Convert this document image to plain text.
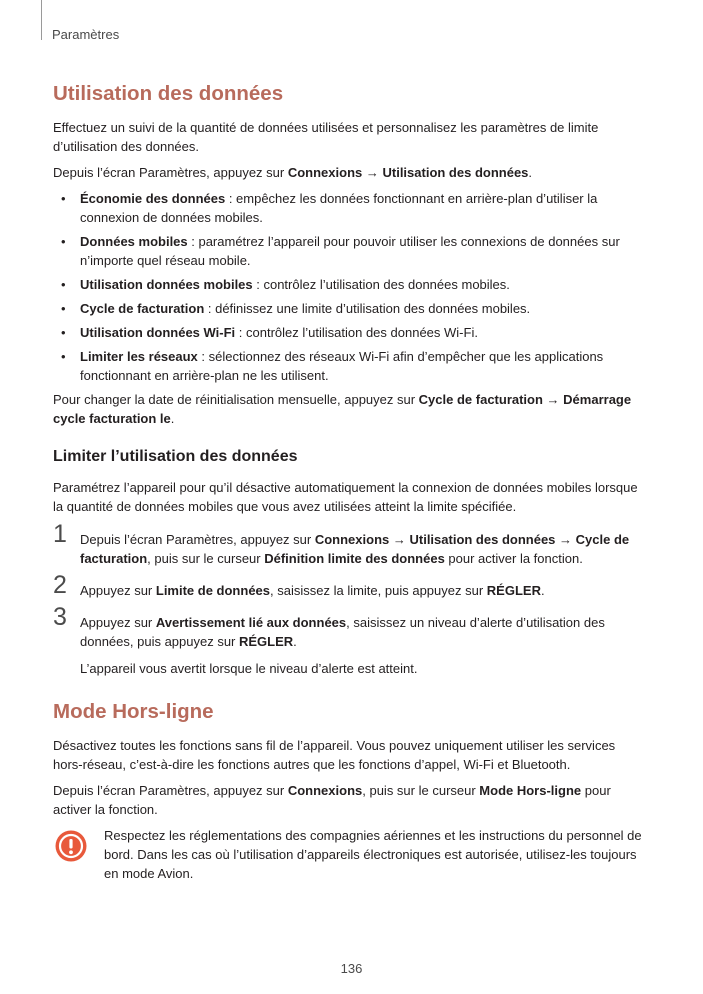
Paramètres
Utilisation des données

Effectuez un suivi de la quantité de données utilisées et personnalisez les paramètres de limite d’utilisation des données.

Depuis l’écran Paramètres, appuyez sur Connexions → Utilisation des données.

• Économie des données : empêchez les données fonctionnant en arrière-plan d’utiliser la connexion de données mobiles.
• Données mobiles : paramétrez l’appareil pour pouvoir utiliser les connexions de données sur n’importe quel réseau mobile.
• Utilisation données mobiles : contrôlez l’utilisation des données mobiles.
• Cycle de facturation : définissez une limite d’utilisation des données mobiles.
• Utilisation données Wi-Fi : contrôlez l’utilisation des données Wi-Fi.
• Limiter les réseaux : sélectionnez des réseaux Wi-Fi afin d’empêcher que les applications fonctionnant en arrière-plan ne les utilisent.

Pour changer la date de réinitialisation mensuelle, appuyez sur Cycle de facturation → Démarrage cycle facturation le.

Limiter l’utilisation des données

Paramétrez l’appareil pour qu’il désactive automatiquement la connexion de données mobiles lorsque la quantité de données mobiles que vous avez utilisées atteint la limite spécifiée.

1 Depuis l’écran Paramètres, appuyez sur Connexions → Utilisation des données → Cycle de facturation, puis sur le curseur Définition limite des données pour activer la fonction.
2 Appuyez sur Limite de données, saisissez la limite, puis appuyez sur RÉGLER.
3 Appuyez sur Avertissement lié aux données, saisissez un niveau d’alerte d’utilisation des données, puis appuyez sur RÉGLER.

L’appareil vous avertit lorsque le niveau d’alerte est atteint.

Mode Hors-ligne

Désactivez toutes les fonctions sans fil de l’appareil. Vous pouvez uniquement utiliser les services hors-réseau, c’est-à-dire les fonctions autres que les fonctions d’appel, Wi-Fi et Bluetooth.

Depuis l’écran Paramètres, appuyez sur Connexions, puis sur le curseur Mode Hors-ligne pour activer la fonction.

Respectez les réglementations des compagnies aériennes et les instructions du personnel de bord. Dans les cas où l’utilisation d’appareils électroniques est autorisée, utilisez-les toujours en mode Avion.
136
